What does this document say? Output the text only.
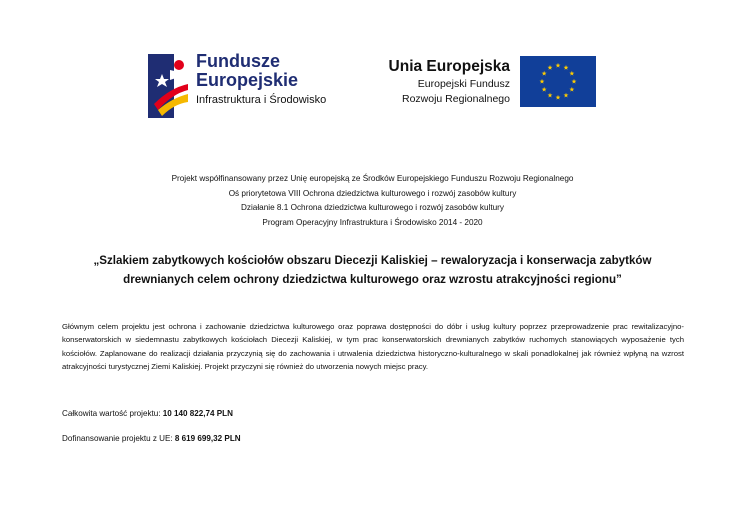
Fundusze
Europejskie
Infrastruktura i Środowisko
Unia Europejska
Europejski Fundusz
Rozwoju Regionalnego
Projekt współfinansowany przez Unię europejską ze Środków Europejskiego Funduszu Rozwoju Regionalnego
Oś priorytetowa VIII Ochrona dziedzictwa kulturowego i rozwój zasobów kultury
Działanie 8.1 Ochrona dziedzictwa kulturowego i rozwój zasobów kultury
Program Operacyjny Infrastruktura i Środowisko 2014 - 2020
„Szlakiem zabytkowych kościołów obszaru Diecezji Kaliskiej – rewaloryzacja i konserwacja zabytków
drewnianych celem ochrony dziedzictwa kulturowego oraz wzrostu atrakcyjności regionu”
Głównym celem projektu jest ochrona i zachowanie dziedzictwa kulturowego oraz poprawa dostępności do dóbr i usług kultury poprzez przeprowadzenie prac rewitalizacyjno-konserwatorskich w siedemnastu zabytkowych kościołach Diecezji Kaliskiej, w tym prac konserwatorskich drewnianych zabytków ruchomych stanowiących wyposażenie tych kościołów. Zaplanowane do realizacji działania przyczynią się do zachowania i utrwalenia dziedzictwa historyczno-kulturalnego w skali ponadlokalnej jak również wpłyną na wzrost atrakcyjności turystycznej Ziemi Kaliskiej. Projekt przyczyni się również do utworzenia nowych miejsc pracy.
Całkowita wartość projektu: 10 140 822,74 PLN
Dofinansowanie projektu z UE: 8 619 699,32 PLN
